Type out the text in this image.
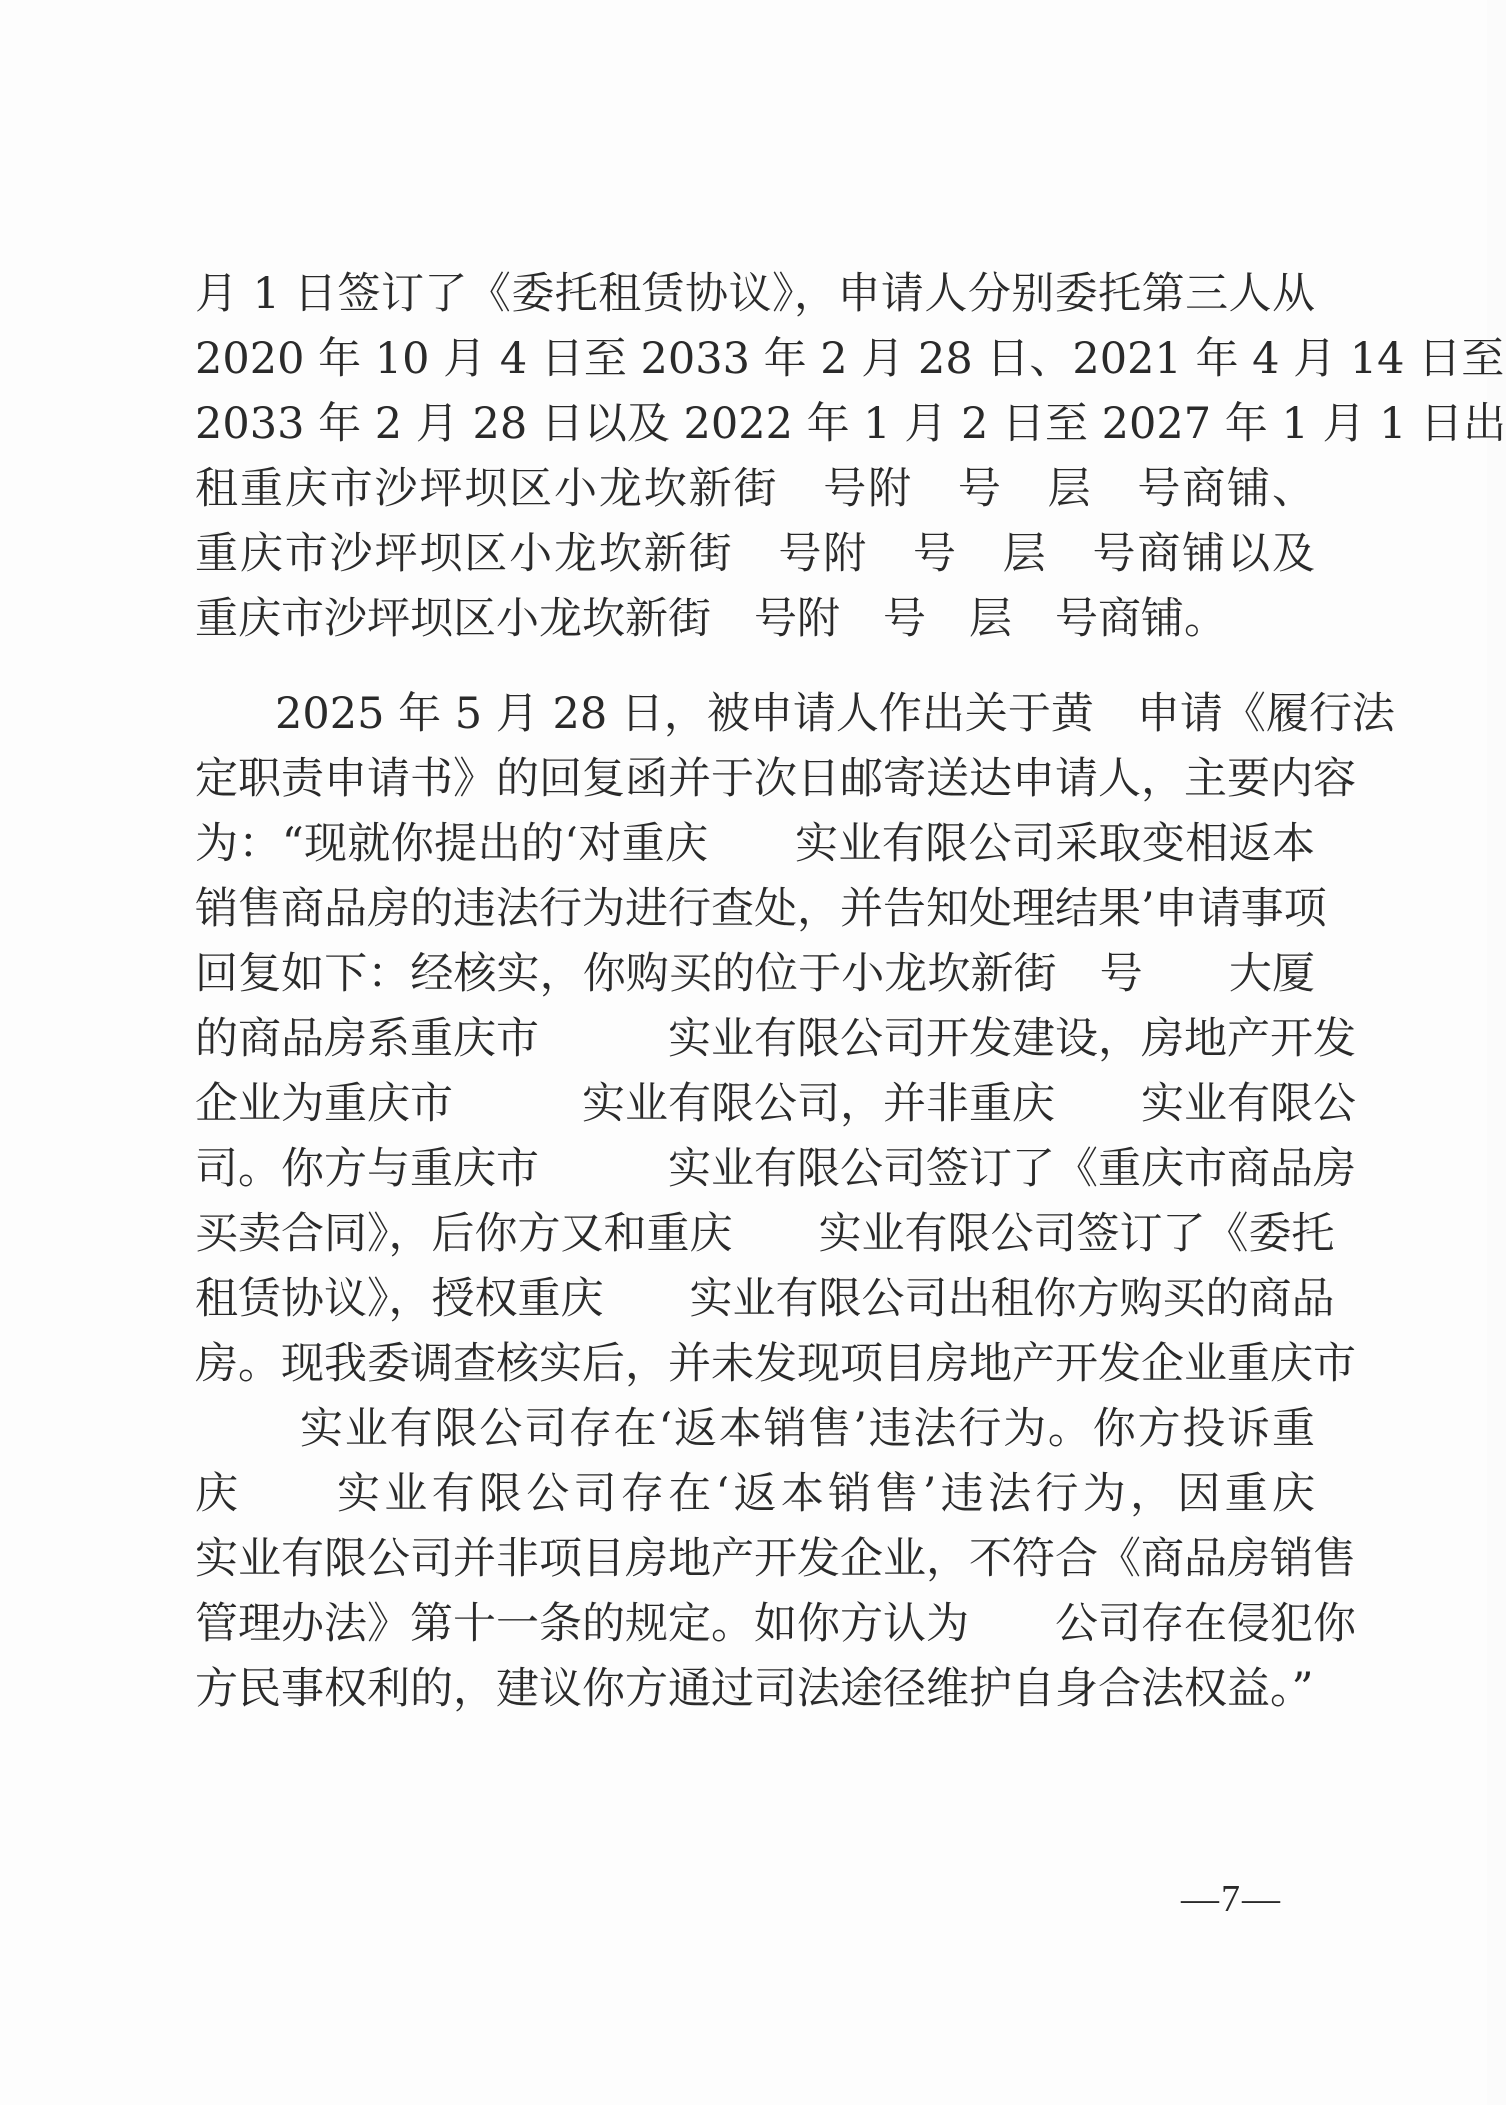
月 1 日签订了《委托租赁协议》，申请人分别委托第三人从
2020 年 10 月 4 日至 2033 年 2 月 28 日、2021 年 4 月 14 日至
2033 年 2 月 28 日以及 2022 年 1 月 2 日至 2027 年 1 月 1 日出
租重庆市沙坪坝区小龙坎新街　号附　号　层　号商铺、
重庆市沙坪坝区小龙坎新街　号附　号　层　号商铺以及
重庆市沙坪坝区小龙坎新街　号附　号　层　号商铺。
2025 年 5 月 28 日，被申请人作出关于黄　申请《履行法
定职责申请书》的回复函并于次日邮寄送达申请人，主要内容
为：“现就你提出的‘对重庆　　实业有限公司采取变相返本
销售商品房的违法行为进行查处，并告知处理结果’申请事项
回复如下：经核实，你购买的位于小龙坎新街　号　　大厦
的商品房系重庆市　　　实业有限公司开发建设，房地产开发
企业为重庆市　　　实业有限公司，并非重庆　　实业有限公
司。你方与重庆市　　　实业有限公司签订了《重庆市商品房
买卖合同》，后你方又和重庆　　实业有限公司签订了《委托
租赁协议》，授权重庆　　实业有限公司出租你方购买的商品
房。现我委调查核实后，并未发现项目房地产开发企业重庆市
实业有限公司存在‘返本销售’违法行为。你方投诉重
庆　　实业有限公司存在‘返本销售’违法行为，因重庆
实业有限公司并非项目房地产开发企业，不符合《商品房销售
管理办法》第十一条的规定。如你方认为　　公司存在侵犯你
方民事权利的，建议你方通过司法途径维护自身合法权益。”
—7—
